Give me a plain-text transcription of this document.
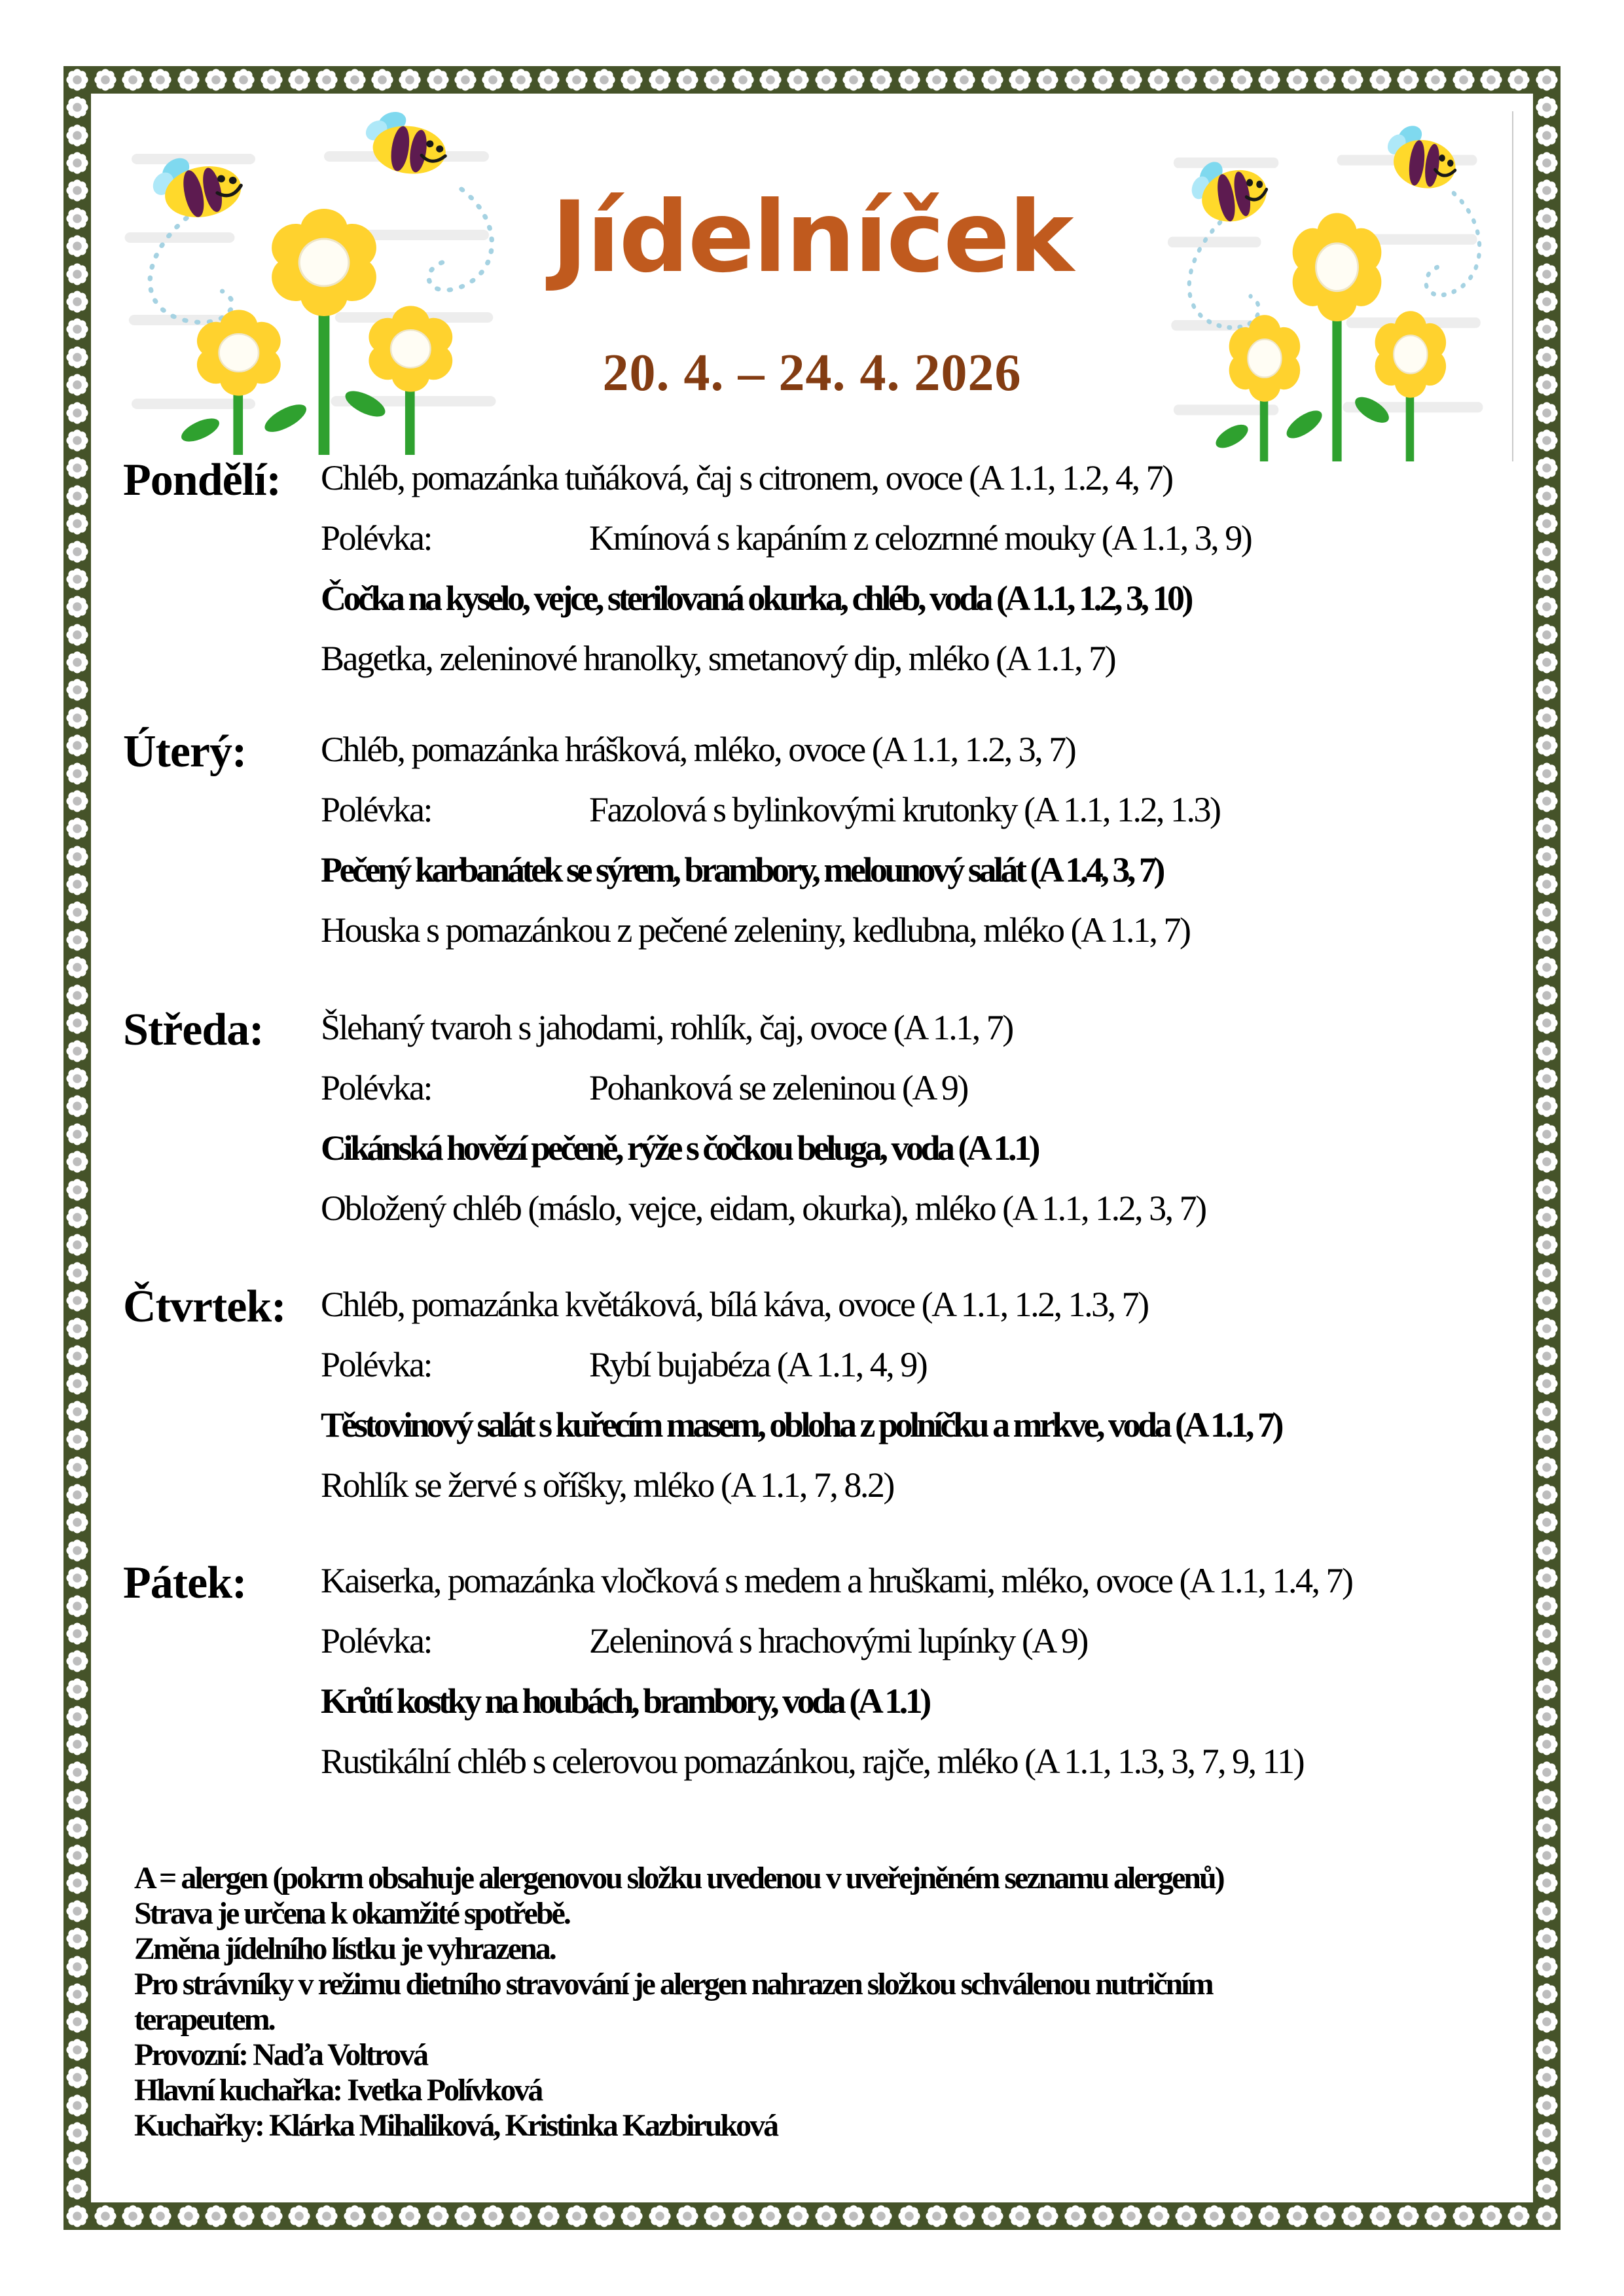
Jídelníček
20. 4. – 24. 4. 2026
Pondělí: Chléb, pomazánka tuňáková, čaj s citronem, ovoce (A 1.1, 1.2, 4, 7)
Polévka:	Kmínová s kapáním z celozrnné mouky (A 1.1, 3, 9)
Čočka na kyselo, vejce, sterilovaná okurka, chléb, voda (A 1.1, 1.2, 3, 10)
Bagetka, zeleninové hranolky, smetanový dip, mléko (A 1.1, 7)
Úterý: Chléb, pomazánka hrášková, mléko, ovoce (A 1.1, 1.2, 3, 7)
Polévka:	Fazolová s bylinkovými krutonky (A 1.1, 1.2, 1.3)
Pečený karbanátek se sýrem, brambory, melounový salát (A 1.4, 3, 7)
Houska s pomazánkou z pečené zeleniny, kedlubna, mléko (A 1.1, 7)
Středa: Šlehaný tvaroh s jahodami, rohlík, čaj, ovoce (A 1.1, 7)
Polévka:	Pohanková se zeleninou (A 9)
Cikánská hovězí pečeně, rýže s čočkou beluga, voda (A 1.1)
Obložený chléb (máslo, vejce, eidam, okurka), mléko (A 1.1, 1.2, 3, 7)
Čtvrtek: Chléb, pomazánka květáková, bílá káva, ovoce (A 1.1, 1.2, 1.3, 7)
Polévka:	Rybí bujabéza (A 1.1, 4, 9)
Těstovinový salát s kuřecím masem, obloha z polníčku a mrkve, voda (A 1.1, 7)
Rohlík se žervé s oříšky, mléko (A 1.1, 7, 8.2)
Pátek: Kaiserka, pomazánka vločková s medem a hruškami, mléko, ovoce (A 1.1, 1.4, 7)
Polévka:	Zeleninová s hrachovými lupínky (A 9)
Krůtí kostky na houbách, brambory, voda (A 1.1)
Rustikální chléb s celerovou pomazánkou, rajče, mléko (A 1.1, 1.3, 3, 7, 9, 11)
A = alergen (pokrm obsahuje alergenovou složku uvedenou v uveřejněném seznamu alergenů)
Strava je určena k okamžité spotřebě.
Změna jídelního lístku je vyhrazena.
Pro strávníky v režimu dietního stravování je alergen nahrazen složkou schválenou nutričním
terapeutem.
Provozní: Naďa Voltrová
Hlavní kuchařka: Ivetka Polívková
Kuchařky: Klárka Mihaliková, Kristinka Kazbiruková
